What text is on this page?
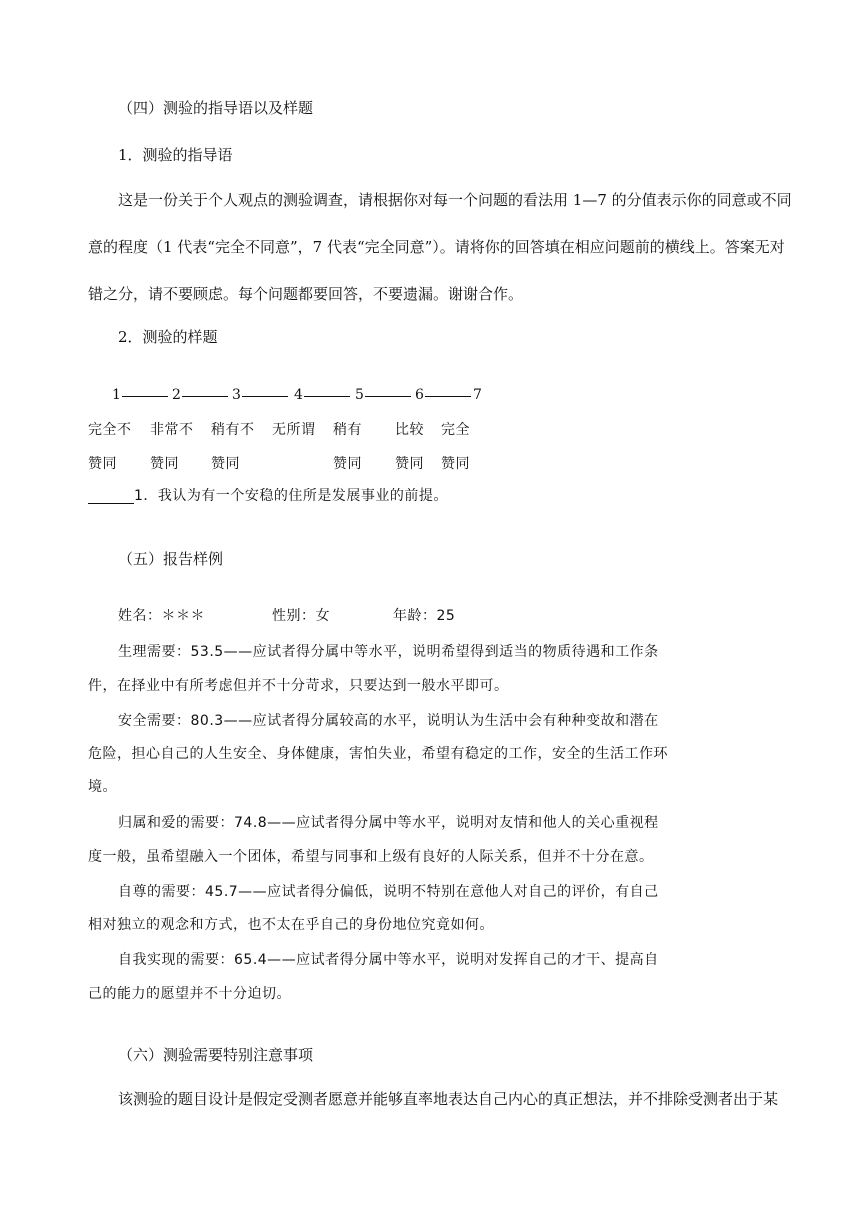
（四）测验的指导语以及样题
1．测验的指导语
这是一份关于个人观点的测验调查，请根据你对每一个问题的看法用 1—7 的分值表示你的同意或不同
意的程度（1 代表“完全不同意”，7 代表“完全同意”）。请将你的回答填在相应问题前的横线上。答案无对
错之分，请不要顾虑。每个问题都要回答，不要遗漏。谢谢合作。
2．测验的样题
1	2	3	4	5	6	7
完全不 非常不 稍有不 无所谓 稍有 比较 完全
赞同 赞同 赞同	赞同 赞同 赞同
1．我认为有一个安稳的住所是发展事业的前提。
（五）报告样例
姓名：＊＊＊	性别：女	年龄：25
生理需要：53.5——应试者得分属中等水平，说明希望得到适当的物质待遇和工作条
件，在择业中有所考虑但并不十分苛求，只要达到一般水平即可。
安全需要：80.3——应试者得分属较高的水平，说明认为生活中会有种种变故和潜在
危险，担心自己的人生安全、身体健康，害怕失业，希望有稳定的工作，安全的生活工作环
境。
归属和爱的需要：74.8——应试者得分属中等水平，说明对友情和他人的关心重视程
度一般，虽希望融入一个团体，希望与同事和上级有良好的人际关系，但并不十分在意。
自尊的需要：45.7——应试者得分偏低，说明不特别在意他人对自己的评价，有自己
相对独立的观念和方式，也不太在乎自己的身份地位究竟如何。
自我实现的需要：65.4——应试者得分属中等水平，说明对发挥自己的才干、提高自
己的能力的愿望并不十分迫切。
（六）测验需要特别注意事项
该测验的题目设计是假定受测者愿意并能够直率地表达自己内心的真正想法，并不排除受测者出于某
